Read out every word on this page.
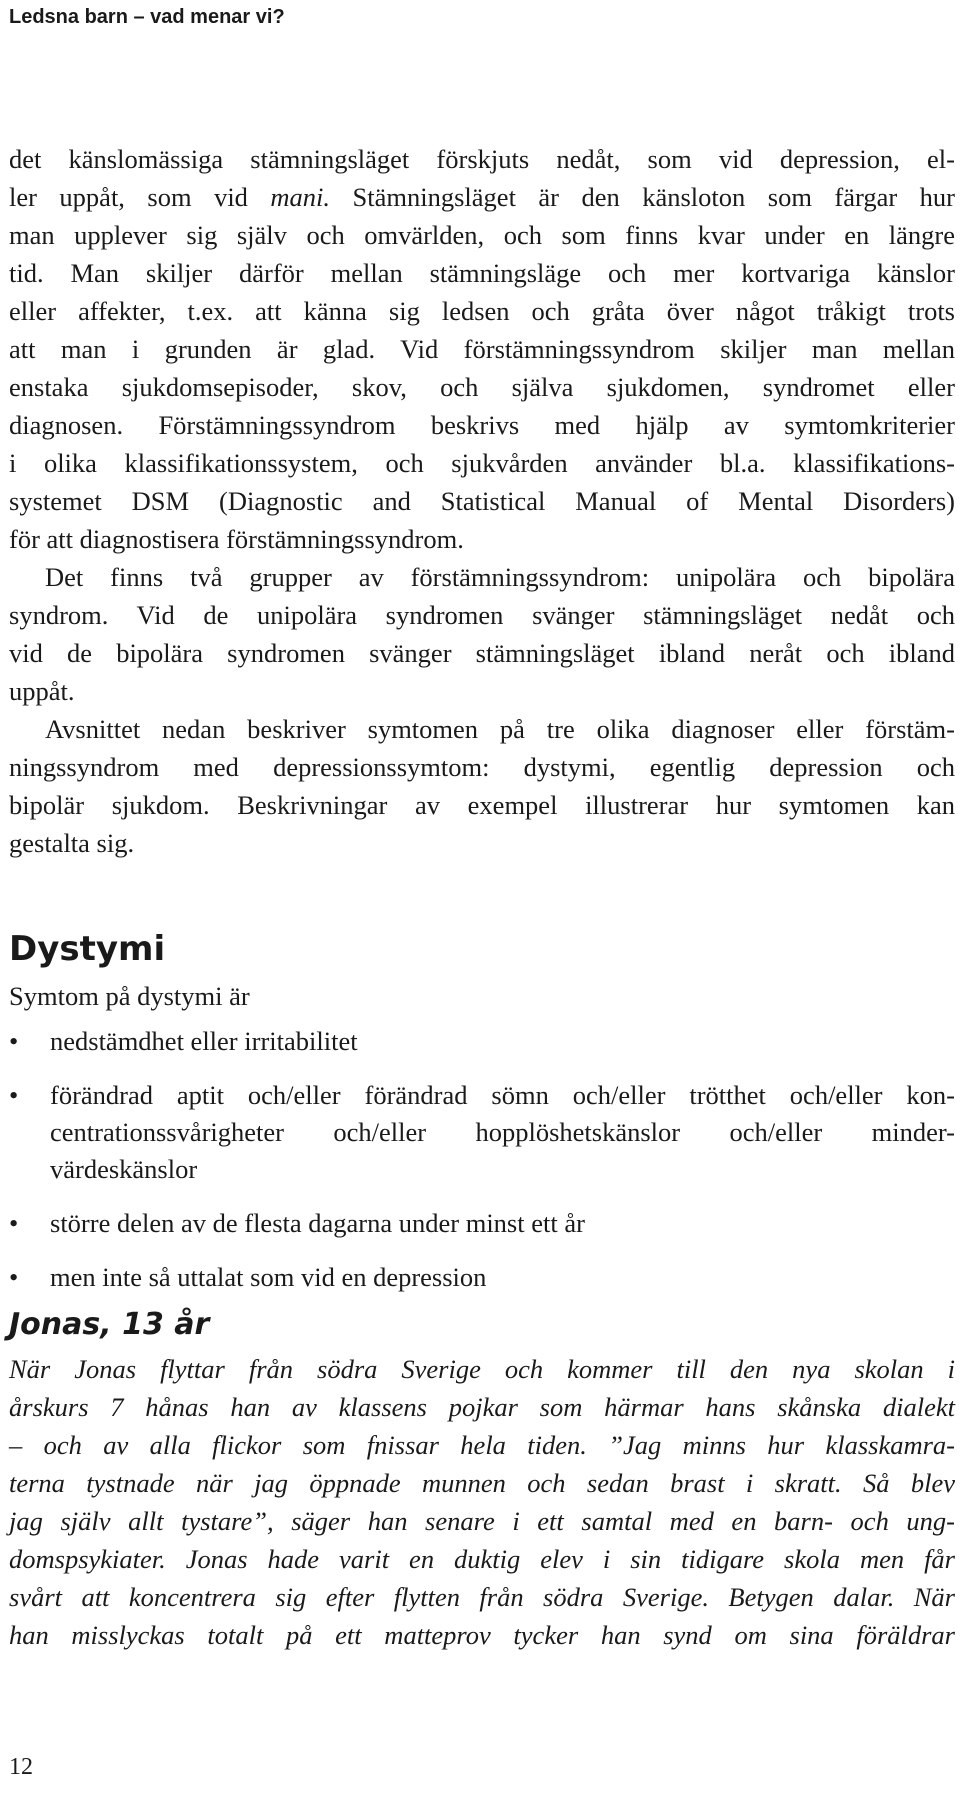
Ledsna barn – vad menar vi?
det känslomässiga stämningsläget förskjuts nedåt, som vid depression, el-
ler uppåt, som vid mani. Stämningsläget är den känsloton som färgar hur
man upplever sig själv och omvärlden, och som finns kvar under en längre
tid. Man skiljer därför mellan stämningsläge och mer kortvariga känslor
eller affekter, t.ex. att känna sig ledsen och gråta över något tråkigt trots
att man i grunden är glad. Vid förstämningssyndrom skiljer man mellan
enstaka sjukdomsepisoder, skov, och själva sjukdomen, syndromet eller
diagnosen. Förstämningssyndrom beskrivs med hjälp av symtomkriterier
i olika klassifikationssystem, och sjukvården använder bl.a. klassifikations-
systemet DSM (Diagnostic and Statistical Manual of Mental Disorders)
för att diagnostisera förstämningssyndrom.
Det finns två grupper av förstämningssyndrom: unipolära och bipolära
syndrom. Vid de unipolära syndromen svänger stämningsläget nedåt och
vid de bipolära syndromen svänger stämningsläget ibland neråt och ibland
uppåt.
Avsnittet nedan beskriver symtomen på tre olika diagnoser eller förstäm-
ningssyndrom med depressionssymtom: dystymi, egentlig depression och
bipolär sjukdom. Beskrivningar av exempel illustrerar hur symtomen kan
gestalta sig.
Dystymi
Symtom på dystymi är
• nedstämdhet eller irritabilitet
• förändrad aptit och/eller förändrad sömn och/eller trötthet och/eller kon-
centrationssvårigheter och/eller hopplöshetskänslor och/eller minder-
värdeskänslor
• större delen av de flesta dagarna under minst ett år
• men inte så uttalat som vid en depression
Jonas, 13 år
När Jonas flyttar från södra Sverige och kommer till den nya skolan i
årskurs 7 hånas han av klassens pojkar som härmar hans skånska dialekt
– och av alla flickor som fnissar hela tiden. ”Jag minns hur klasskamra-
terna tystnade när jag öppnade munnen och sedan brast i skratt. Så blev
jag själv allt tystare”, säger han senare i ett samtal med en barn- och ung-
domspsykiater. Jonas hade varit en duktig elev i sin tidigare skola men får
svårt att koncentrera sig efter flytten från södra Sverige. Betygen dalar. När
han misslyckas totalt på ett matteprov tycker han synd om sina föräldrar
12
